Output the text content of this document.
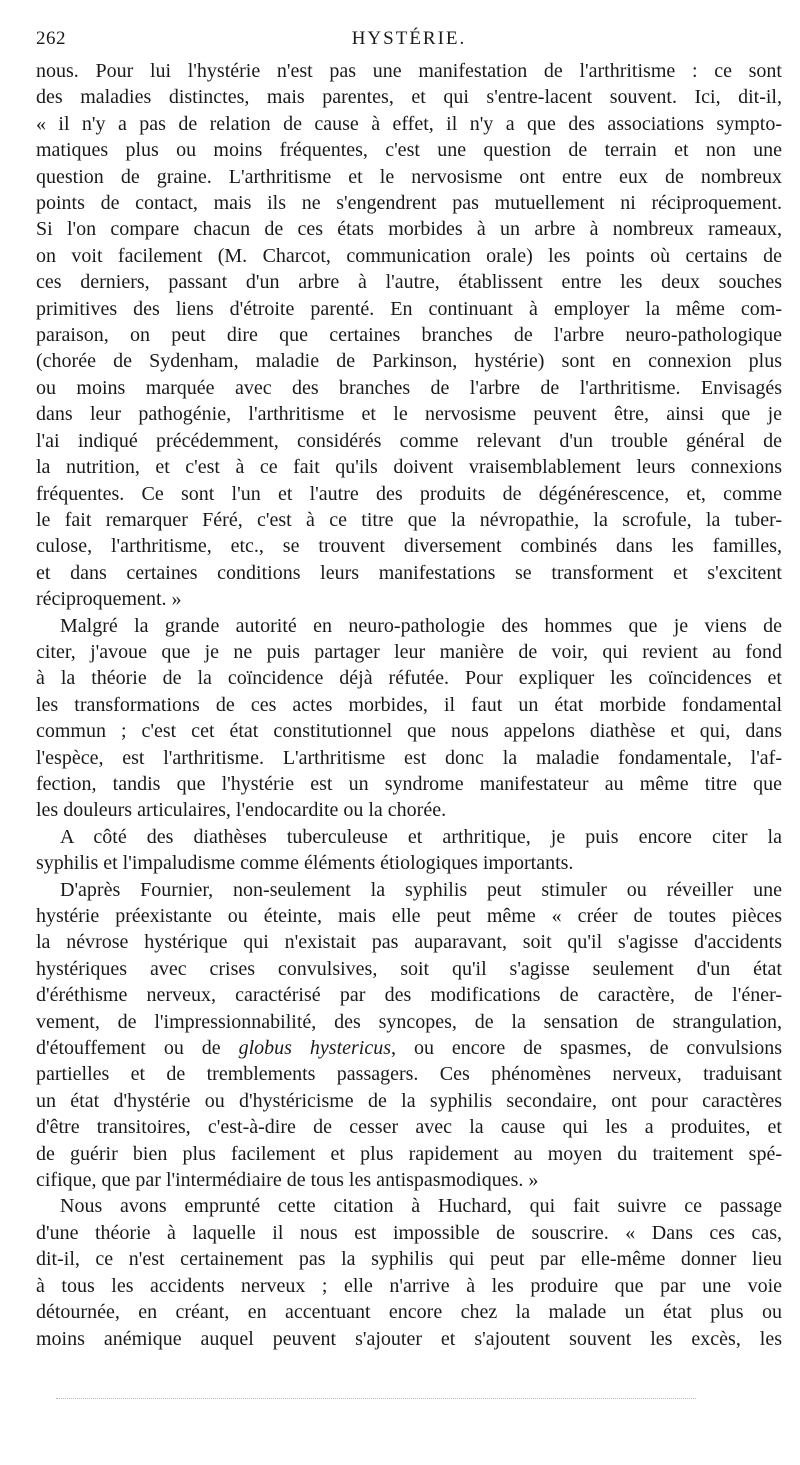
262	HYSTÉRIE.
nous. Pour lui l'hystérie n'est pas une manifestation de l'arthritisme : ce sont
des maladies distinctes, mais parentes, et qui s'entre-lacent souvent. Ici, dit-il,
« il n'y a pas de relation de cause à effet, il n'y a que des associations sympto-
matiques plus ou moins fréquentes, c'est une question de terrain et non une
question de graine. L'arthritisme et le nervosisme ont entre eux de nombreux
points de contact, mais ils ne s'engendrent pas mutuellement ni réciproquement.
Si l'on compare chacun de ces états morbides à un arbre à nombreux rameaux,
on voit facilement (M. Charcot, communication orale) les points où certains de
ces derniers, passant d'un arbre à l'autre, établissent entre les deux souches
primitives des liens d'étroite parenté. En continuant à employer la même com-
paraison, on peut dire que certaines branches de l'arbre neuro-pathologique
(chorée de Sydenham, maladie de Parkinson, hystérie) sont en connexion plus
ou moins marquée avec des branches de l'arbre de l'arthritisme. Envisagés
dans leur pathogénie, l'arthritisme et le nervosisme peuvent être, ainsi que je
l'ai indiqué précédemment, considérés comme relevant d'un trouble général de
la nutrition, et c'est à ce fait qu'ils doivent vraisemblablement leurs connexions
fréquentes. Ce sont l'un et l'autre des produits de dégénérescence, et, comme
le fait remarquer Féré, c'est à ce titre que la névropathie, la scrofule, la tuber-
culose, l'arthritisme, etc., se trouvent diversement combinés dans les familles,
et dans certaines conditions leurs manifestations se transforment et s'excitent
réciproquement. »
Malgré la grande autorité en neuro-pathologie des hommes que je viens de
citer, j'avoue que je ne puis partager leur manière de voir, qui revient au fond
à la théorie de la coïncidence déjà réfutée. Pour expliquer les coïncidences et
les transformations de ces actes morbides, il faut un état morbide fondamental
commun ; c'est cet état constitutionnel que nous appelons diathèse et qui, dans
l'espèce, est l'arthritisme. L'arthritisme est donc la maladie fondamentale, l'af-
fection, tandis que l'hystérie est un syndrome manifestateur au même titre que
les douleurs articulaires, l'endocardite ou la chorée.
A côté des diathèses tuberculeuse et arthritique, je puis encore citer la
syphilis et l'impaludisme comme éléments étiologiques importants.
D'après Fournier, non-seulement la syphilis peut stimuler ou réveiller une
hystérie préexistante ou éteinte, mais elle peut même « créer de toutes pièces
la névrose hystérique qui n'existait pas auparavant, soit qu'il s'agisse d'accidents
hystériques avec crises convulsives, soit qu'il s'agisse seulement d'un état
d'éréthisme nerveux, caractérisé par des modifications de caractère, de l'éner-
vement, de l'impressionnabilité, des syncopes, de la sensation de strangulation,
d'étouffement ou de globus hystericus, ou encore de spasmes, de convulsions
partielles et de tremblements passagers. Ces phénomènes nerveux, traduisant
un état d'hystérie ou d'hystéricisme de la syphilis secondaire, ont pour caractères
d'être transitoires, c'est-à-dire de cesser avec la cause qui les a produites, et
de guérir bien plus facilement et plus rapidement au moyen du traitement spé-
cifique, que par l'intermédiaire de tous les antispasmodiques. »
Nous avons emprunté cette citation à Huchard, qui fait suivre ce passage
d'une théorie à laquelle il nous est impossible de souscrire. « Dans ces cas,
dit-il, ce n'est certainement pas la syphilis qui peut par elle-même donner lieu
à tous les accidents nerveux ; elle n'arrive à les produire que par une voie
détournée, en créant, en accentuant encore chez la malade un état plus ou
moins anémique auquel peuvent s'ajouter et s'ajoutent souvent les excès, les
